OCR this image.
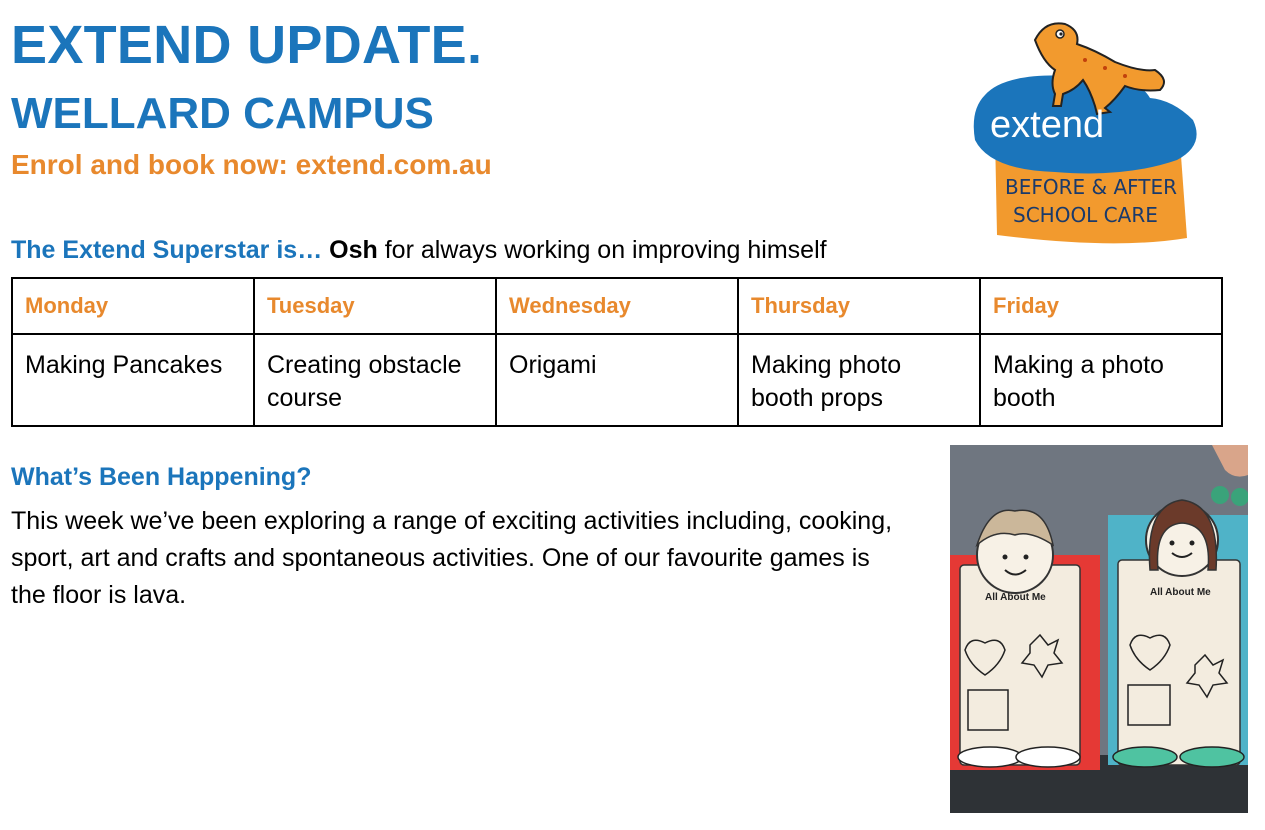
EXTEND UPDATE.
WELLARD CAMPUS
Enrol and book now: extend.com.au
extend
BEFORE & AFTER
SCHOOL CARE
The Extend Superstar is… Osh for always working on improving himself
Monday	Tuesday	Wednesday	Thursday	Friday
Making Pancakes	Creating obstacle course	Origami	Making photo booth props	Making a photo booth
What’s Been Happening?
This week we’ve been exploring a range of exciting activities including, cooking, sport, art and crafts and spontaneous activities. One of our favourite games is the floor is lava.	All About Me	All About Me
